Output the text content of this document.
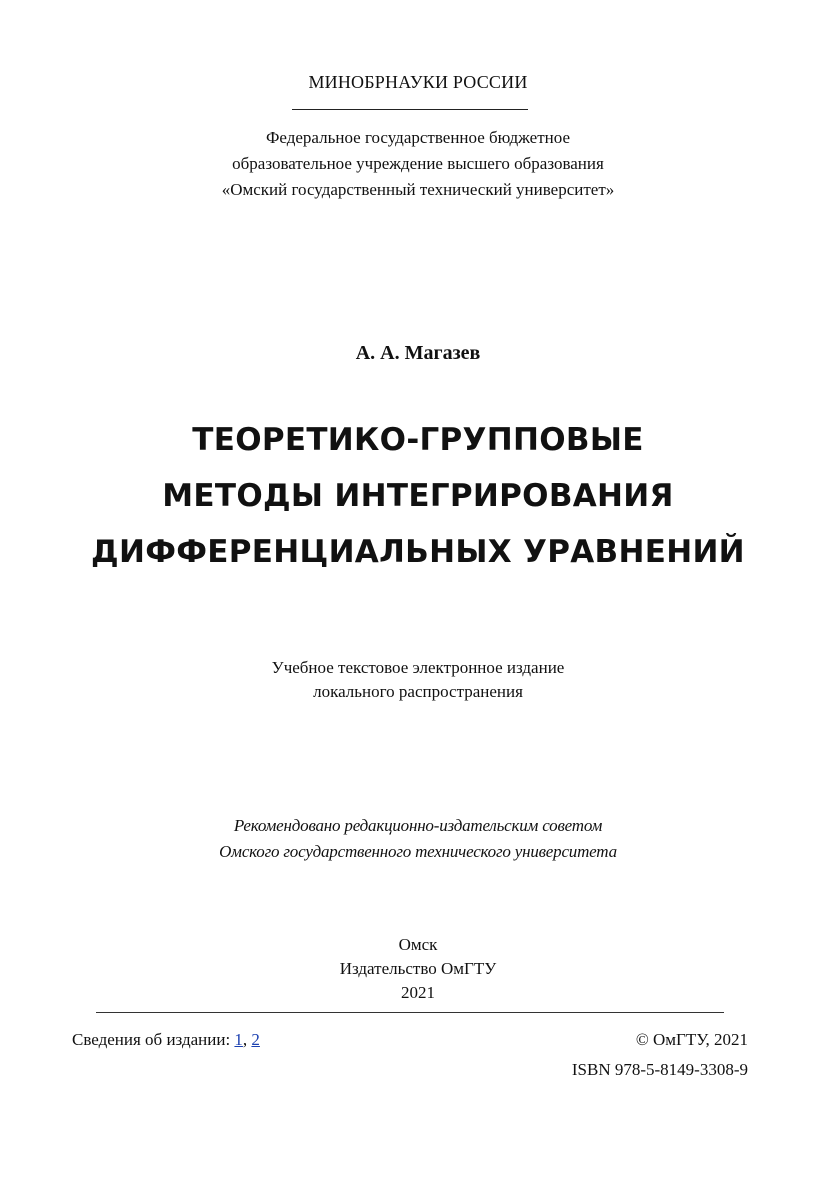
МИНОБРНАУКИ РОССИИ
Федеральное государственное бюджетное
образовательное учреждение высшего образования
«Омский государственный технический университет»
А. А. Магазев
ТЕОРЕТИКО-ГРУППОВЫЕ
МЕТОДЫ ИНТЕГРИРОВАНИЯ
ДИФФЕРЕНЦИАЛЬНЫХ УРАВНЕНИЙ
Учебное текстовое электронное издание
локального распространения
Рекомендовано редакционно-издательским советом
Омского государственного технического университета
Омск
Издательство ОмГТУ
2021
Сведения об издании: 1, 2	© ОмГТУ, 2021
ISBN 978-5-8149-3308-9
